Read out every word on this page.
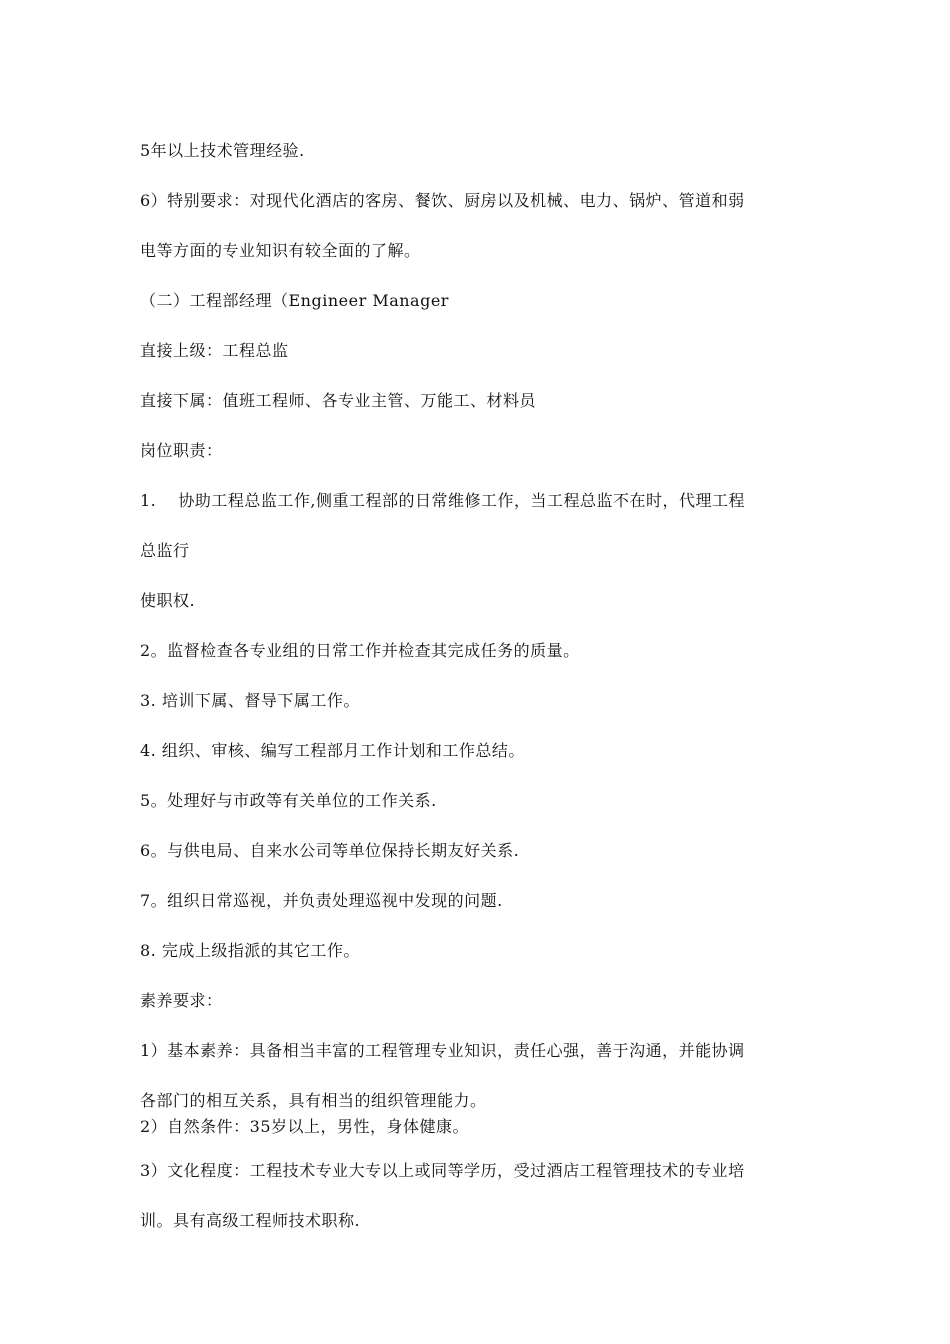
5年以上技术管理经验.
6）特别要求：对现代化酒店的客房、餐饮、厨房以及机械、电力、锅炉、管道和弱
电等方面的专业知识有较全面的了解。
（二）工程部经理（Engineer Manager
直接上级：工程总监
直接下属：值班工程师、各专业主管、万能工、材料员
岗位职责：
1.　 协助工程总监工作,侧重工程部的日常维修工作，当工程总监不在时，代理工程
总监行
使职权.
2。监督检查各专业组的日常工作并检查其完成任务的质量。
3. 培训下属、督导下属工作。
4. 组织、审核、编写工程部月工作计划和工作总结。
5。处理好与市政等有关单位的工作关系.
6。与供电局、自来水公司等单位保持长期友好关系.
7。组织日常巡视，并负责处理巡视中发现的问题.
8. 完成上级指派的其它工作。
素养要求：
1）基本素养：具备相当丰富的工程管理专业知识，责任心强，善于沟通，并能协调
各部门的相互关系，具有相当的组织管理能力。
2）自然条件：35岁以上，男性，身体健康。
3）文化程度：工程技术专业大专以上或同等学历，受过酒店工程管理技术的专业培
训。具有高级工程师技术职称.
